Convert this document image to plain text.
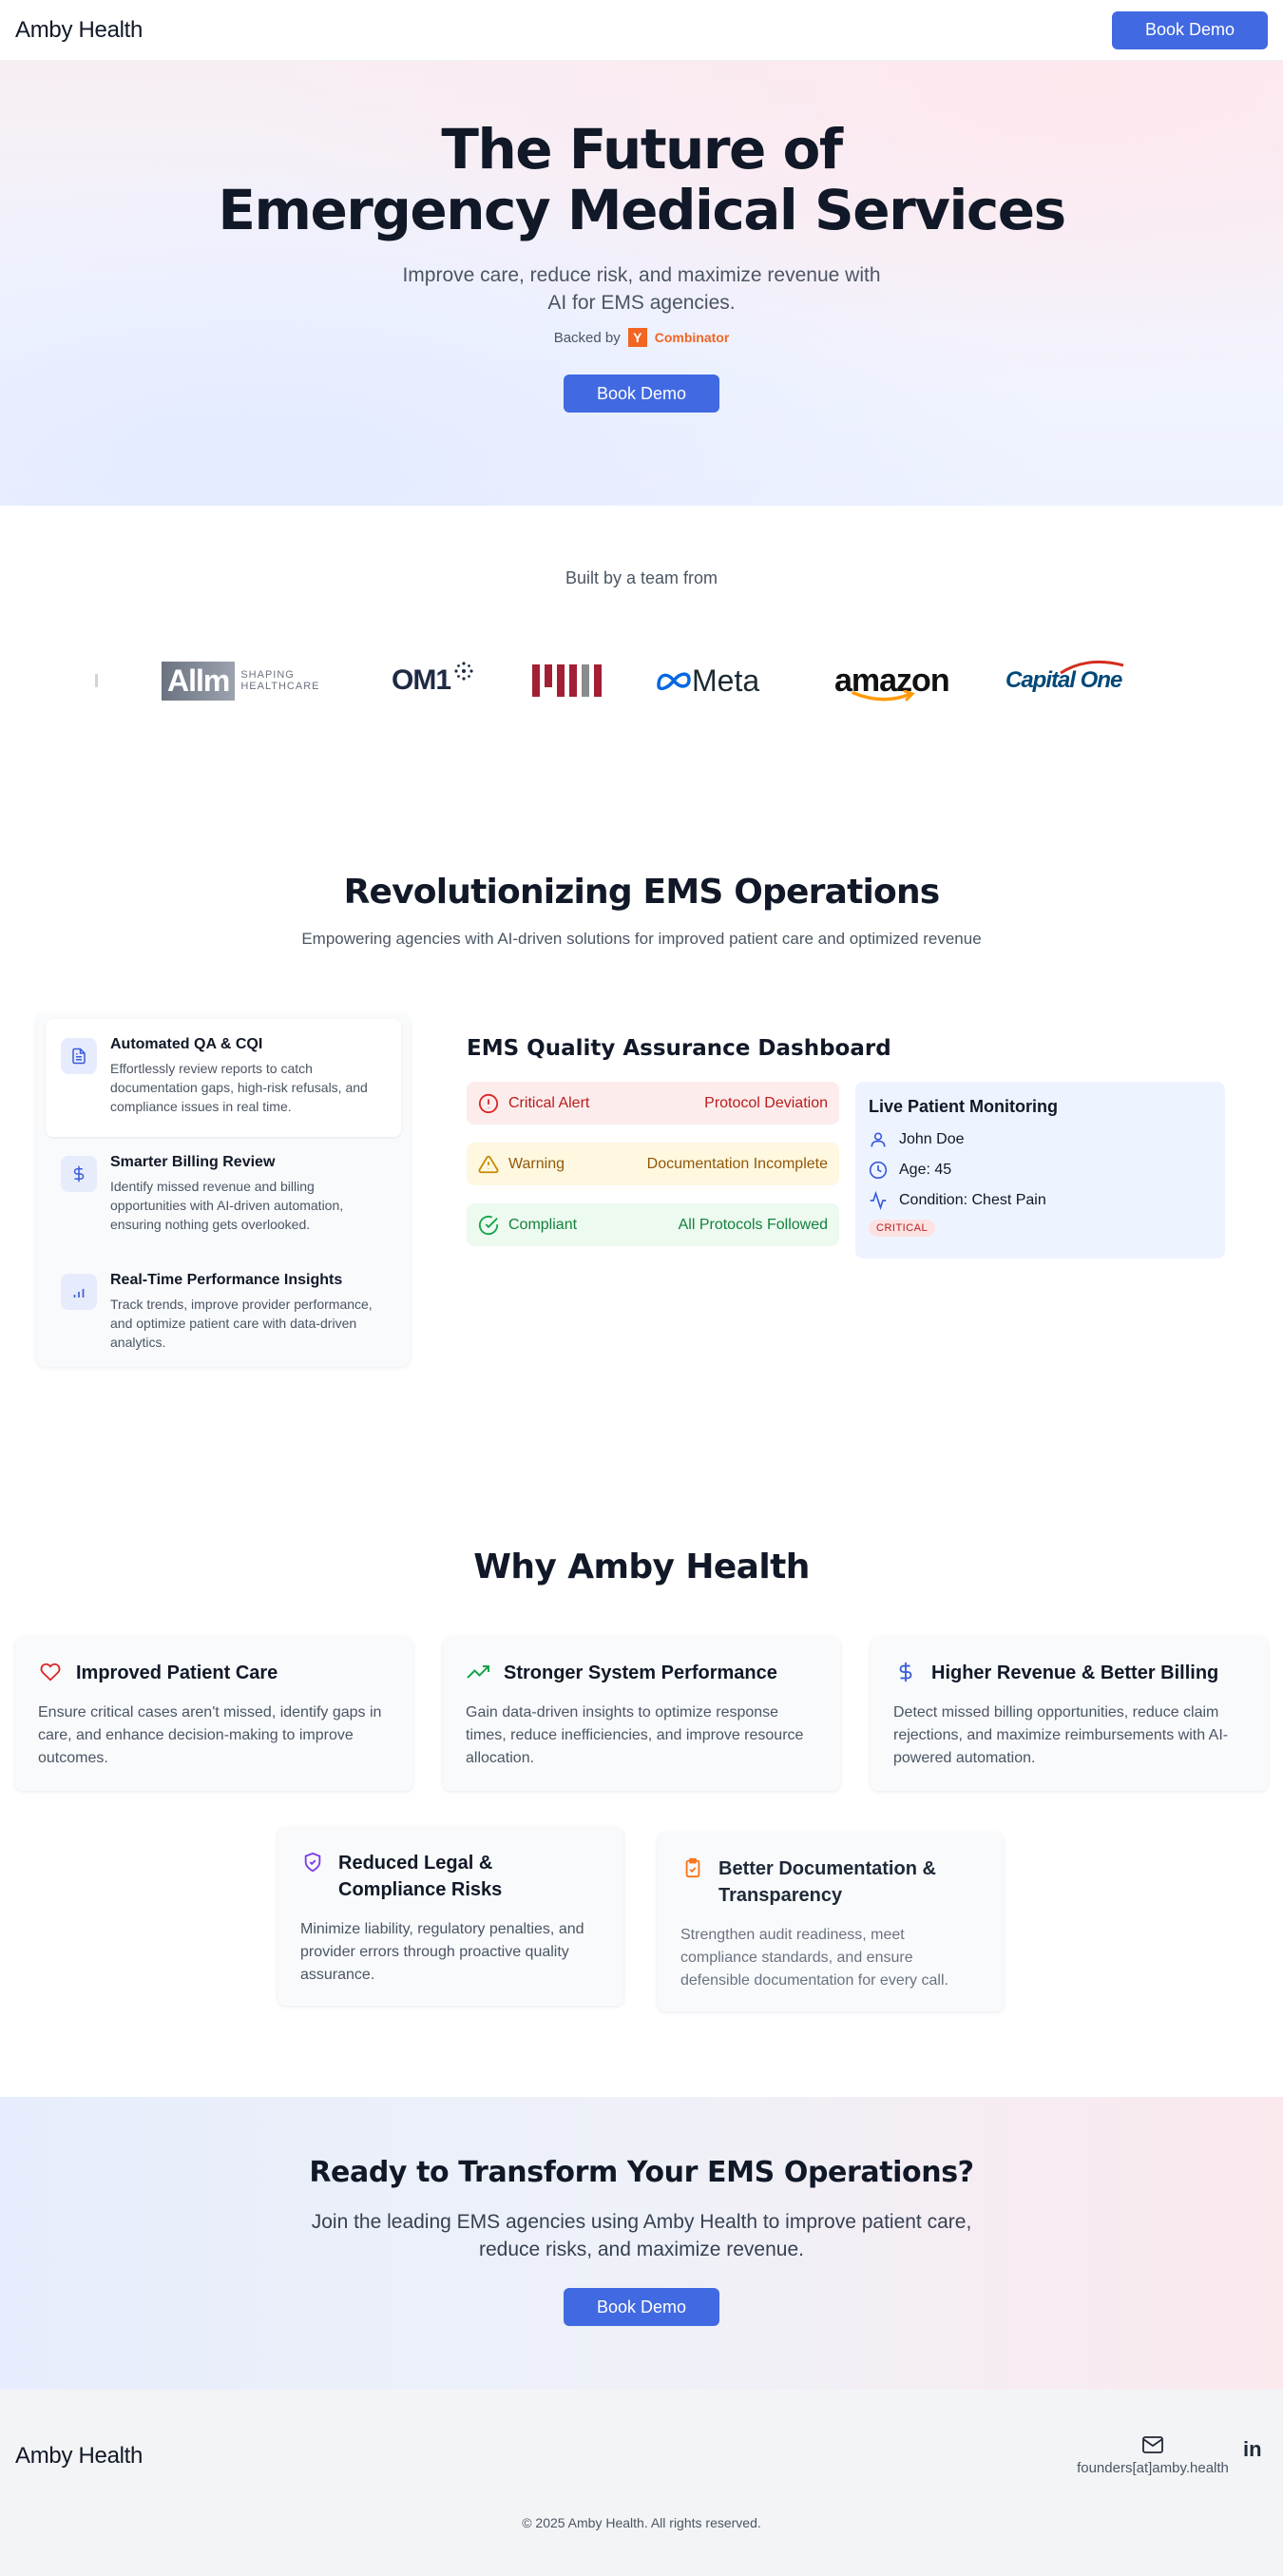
Amby Health	Book Demo
The Future of
Emergency Medical Services

Improve care, reduce risk, and maximize revenue with AI for EMS agencies.

Backed by Y Combinator
Book Demo
Built by a team from
Allm	SHAPING
HEALTHCARE	OM1	Meta amazon Capital One
Revolutionizing EMS Operations

Empowering agencies with AI-driven solutions for improved patient care and optimized revenue

Automated QA & CQI

Effortlessly review reports to catch documentation gaps, high-risk refusals, and compliance issues in real time.

Smarter Billing Review

Identify missed revenue and billing opportunities with AI-driven automation, ensuring nothing gets overlooked.

Real-Time Performance Insights

Track trends, improve provider performance, and optimize patient care with data-driven analytics.

EMS Quality Assurance Dashboard
Critical Alert	Protocol Deviation
Warning	Documentation Incomplete
Compliant	All Protocols Followed
Live Patient Monitoring
John Doe
Age: 45
Condition: Chest Pain
CRITICAL
Why Amby Health
Improved Patient Care

Ensure critical cases aren't missed, identify gaps in care, and enhance decision-making to improve outcomes.

Stronger System Performance

Gain data-driven insights to optimize response times, reduce inefficiencies, and improve resource allocation.

Higher Revenue & Better Billing

Detect missed billing opportunities, reduce claim rejections, and maximize reimbursements with AI-powered automation.

Reduced Legal & Compliance Risks

Minimize liability, regulatory penalties, and provider errors through proactive quality assurance.

Better Documentation & Transparency

Strengthen audit readiness, meet compliance standards, and ensure defensible documentation for every call.

Ready to Transform Your EMS Operations?

Join the leading EMS agencies using Amby Health to improve patient care, reduce risks, and maximize revenue.

Book Demo
Amby Health	founders[at]amby.health
in
© 2025 Amby Health. All rights reserved.
